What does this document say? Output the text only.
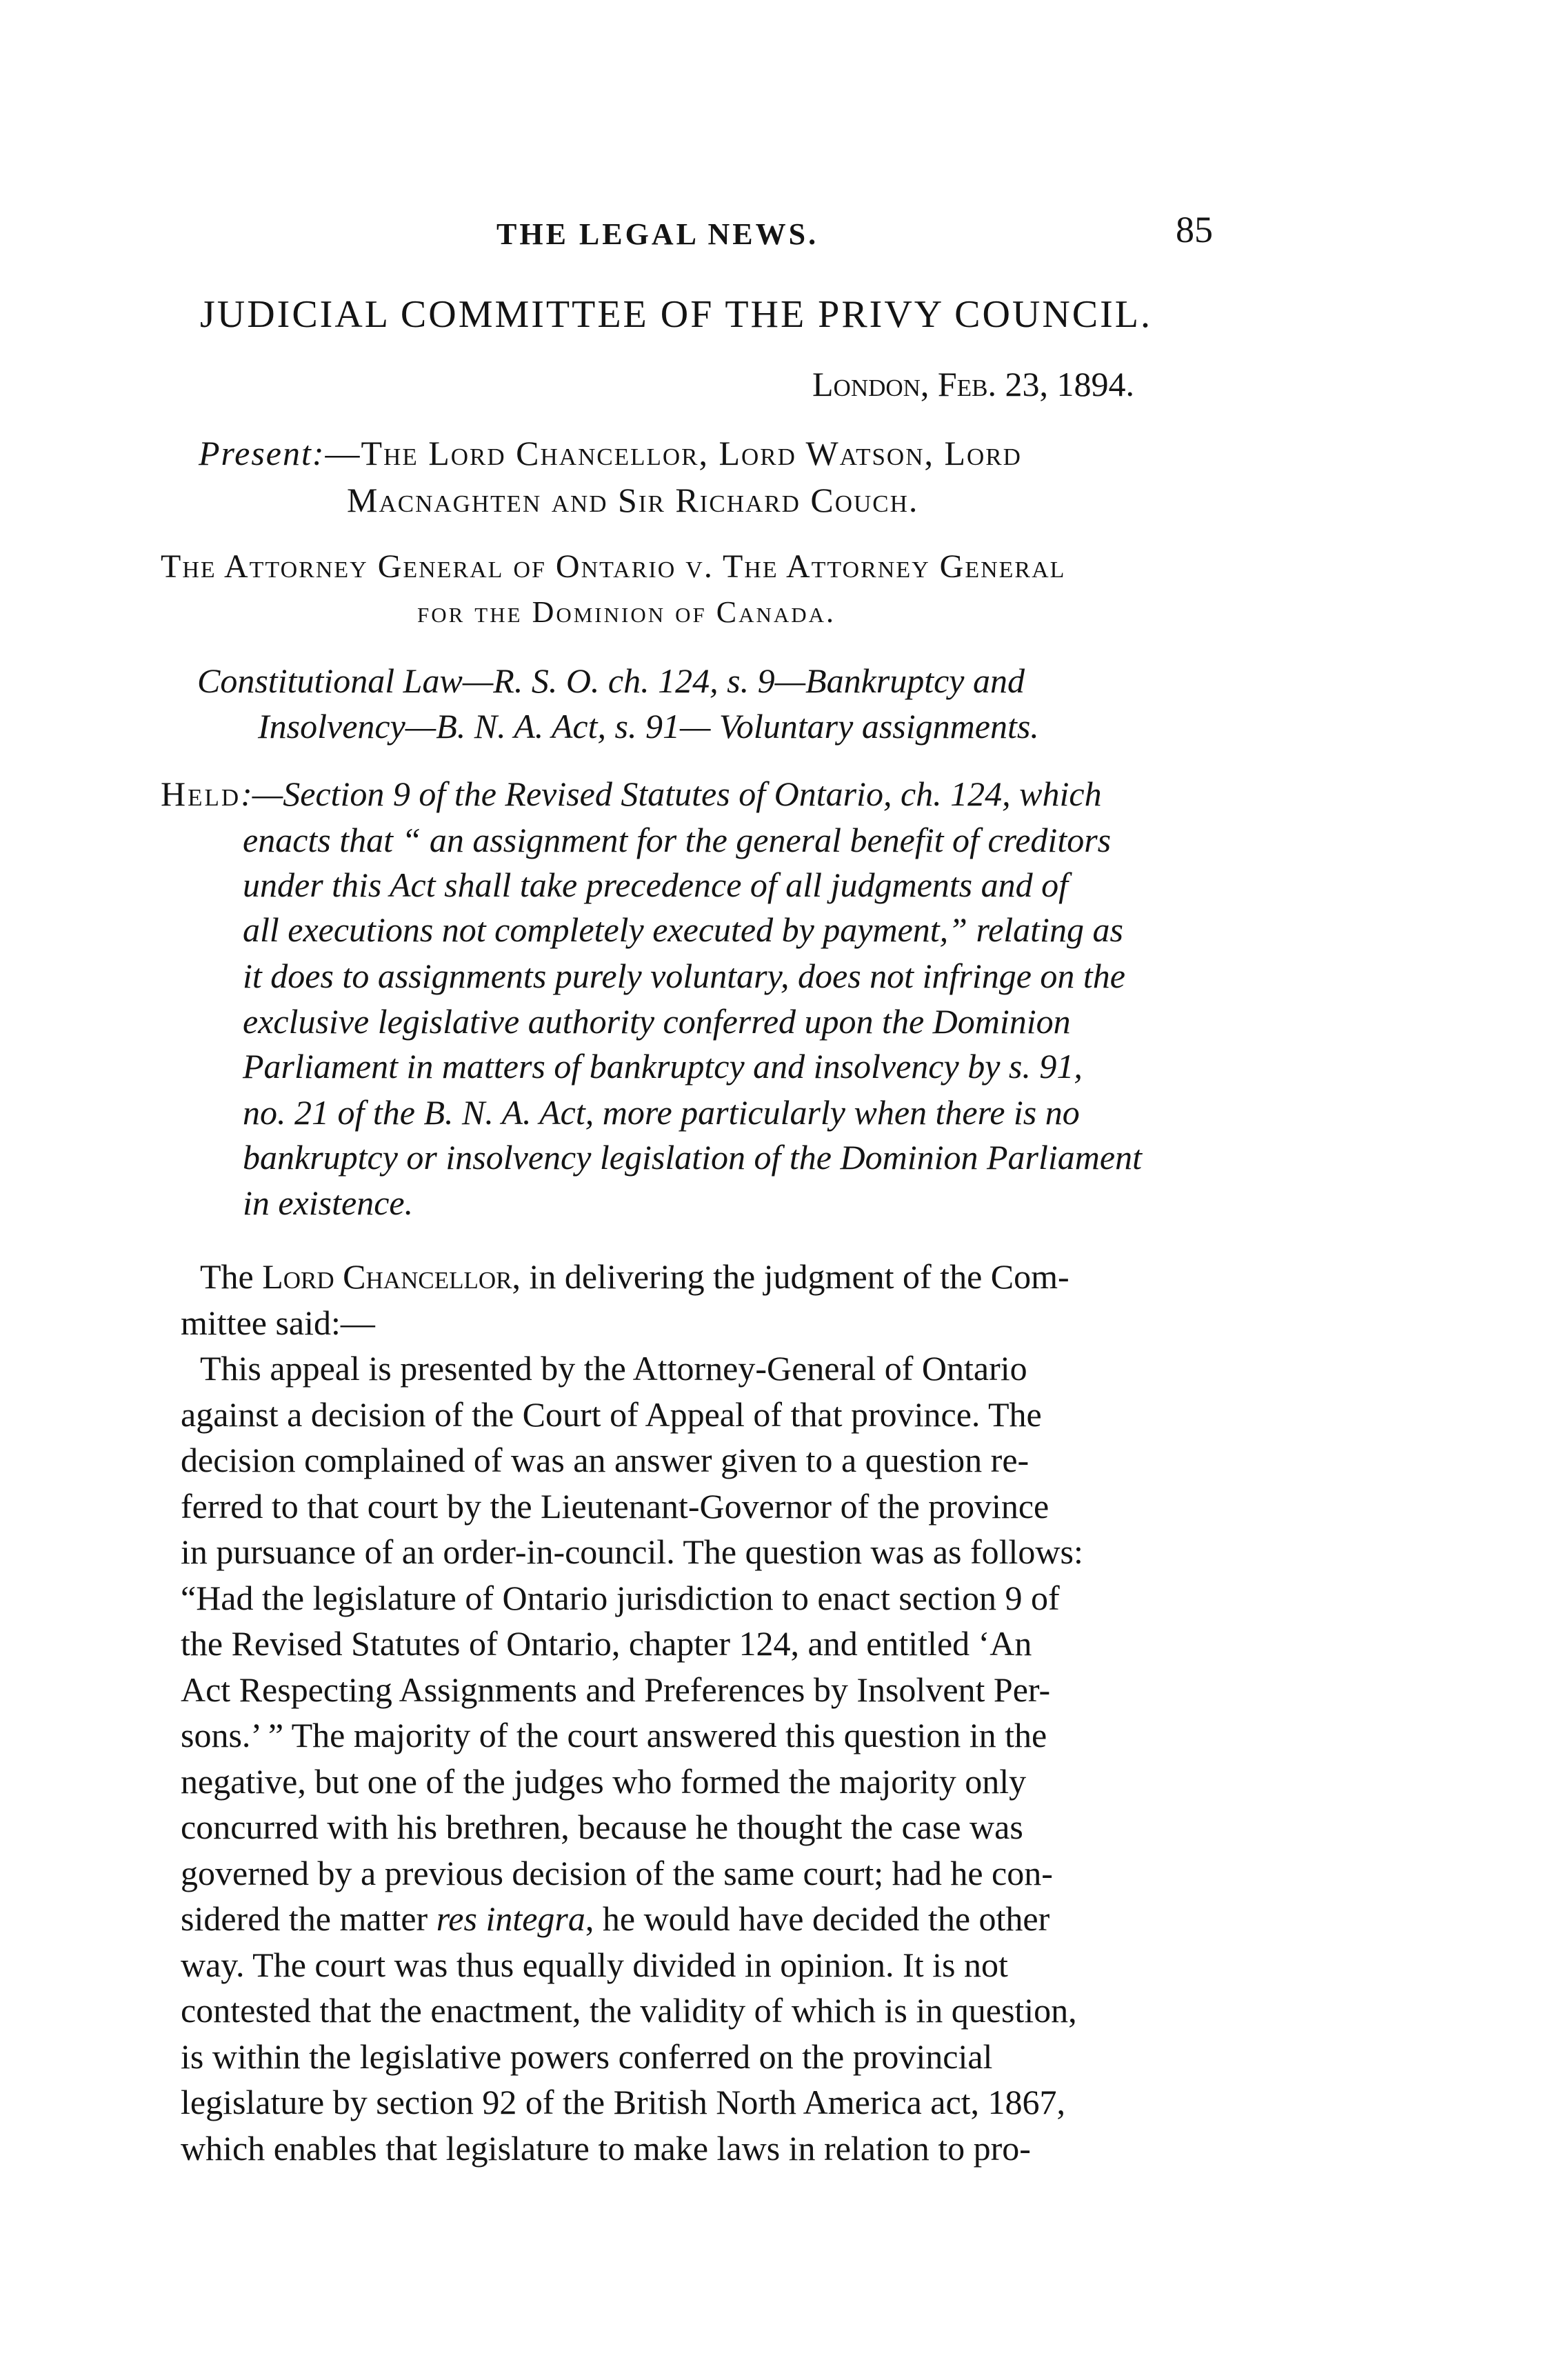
THE LEGAL NEWS.	85
JUDICIAL COMMITTEE OF THE PRIVY COUNCIL.
London, Feb. 23, 1894.
Present:—The Lord Chancellor, Lord Watson, Lord
Macnaghten and Sir Richard Couch.
The Attorney General of Ontario v. The Attorney General
for the Dominion of Canada.
Constitutional Law—R. S. O. ch. 124, s. 9—Bankruptcy and
Insolvency—B. N. A. Act, s. 91— Voluntary assignments.
Held:—Section 9 of the Revised Statutes of Ontario, ch. 124, which
enacts that “ an assignment for the general benefit of creditors
under this Act shall take precedence of all judgments and of
all executions not completely executed by payment,” relating as
it does to assignments purely voluntary, does not infringe on the
exclusive legislative authority conferred upon the Dominion
Parliament in matters of bankruptcy and insolvency by s. 91,
no. 21 of the B. N. A. Act, more particularly when there is no
bankruptcy or insolvency legislation of the Dominion Parliament
in existence.
The Lord Chancellor, in delivering the judgment of the Com-
mittee said:—
This appeal is presented by the Attorney-General of Ontario
against a decision of the Court of Appeal of that province. The
decision complained of was an answer given to a question re-
ferred to that court by the Lieutenant-Governor of the province
in pursuance of an order-in-council. The question was as follows:
“Had the legislature of Ontario jurisdiction to enact section 9 of
the Revised Statutes of Ontario, chapter 124, and entitled ‘An
Act Respecting Assignments and Preferences by Insolvent Per-
sons.’ ” The majority of the court answered this question in the
negative, but one of the judges who formed the majority only
concurred with his brethren, because he thought the case was
governed by a previous decision of the same court; had he con-
sidered the matter res integra, he would have decided the other
way. The court was thus equally divided in opinion. It is not
contested that the enactment, the validity of which is in question,
is within the legislative powers conferred on the provincial
legislature by section 92 of the British North America act, 1867,
which enables that legislature to make laws in relation to pro-
